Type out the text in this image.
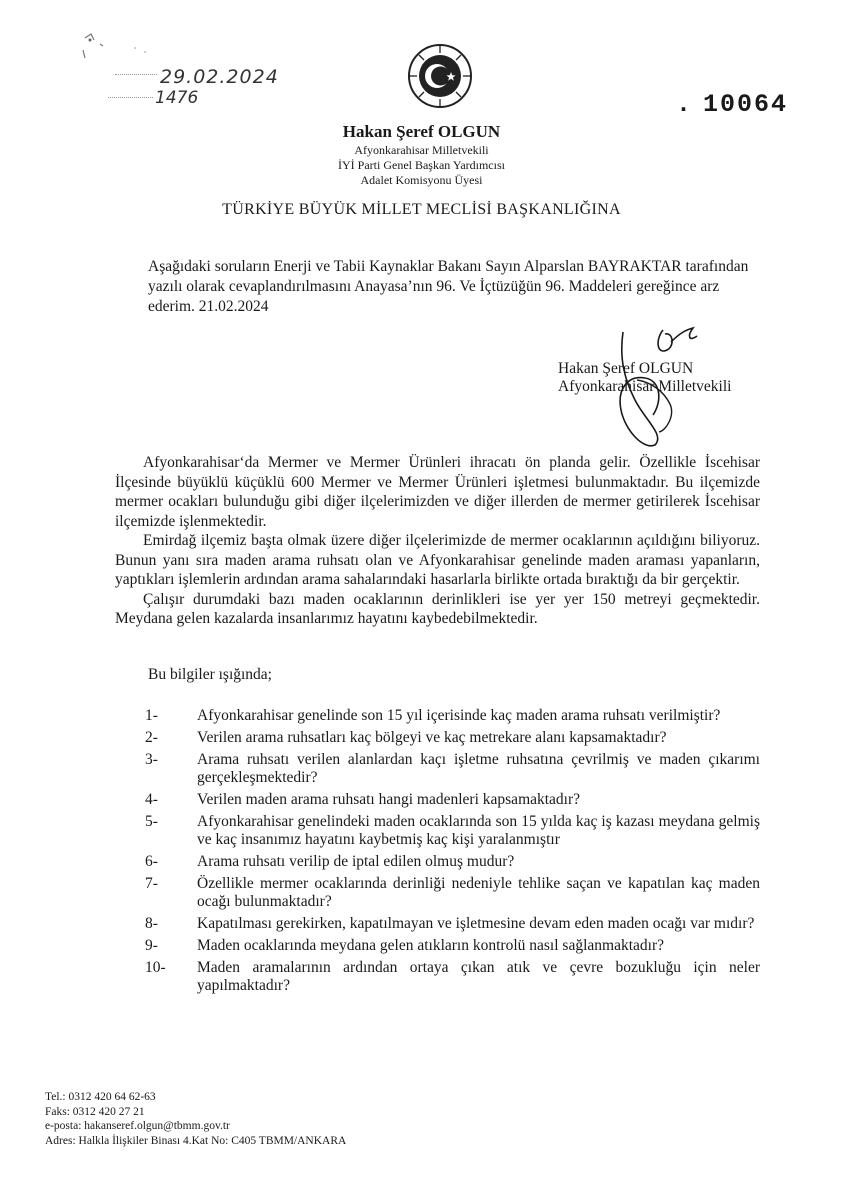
29.02.2024
1476	. 10064
Hakan Şeref OLGUN
Afyonkarahisar Milletvekili
İYİ Parti Genel Başkan Yardımcısı
Adalet Komisyonu Üyesi
TÜRKİYE BÜYÜK MİLLET MECLİSİ BAŞKANLIĞINA
Aşağıdaki soruların Enerji ve Tabii Kaynaklar Bakanı Sayın Alparslan BAYRAKTAR tarafından yazılı olarak cevaplandırılmasını Anayasa’nın 96. Ve İçtüzüğün 96. Maddeleri gereğince arz ederim. 21.02.2024
Hakan Şeref OLGUN
Afyonkarahisar Milletvekili

Afyonkarahisar‘da Mermer ve Mermer Ürünleri ihracatı ön planda gelir. Özellikle İscehisar İlçesinde büyüklü küçüklü 600 Mermer ve Mermer Ürünleri işletmesi bulunmaktadır. Bu ilçemizde mermer ocakları bulunduğu gibi diğer ilçelerimizden ve diğer illerden de mermer getirilerek İscehisar ilçemizde işlenmektedir.

Emirdağ ilçemiz başta olmak üzere diğer ilçelerimizde de mermer ocaklarının açıldığını biliyoruz. Bunun yanı sıra maden arama ruhsatı olan ve Afyonkarahisar genelinde maden araması yapanların, yaptıkları işlemlerin ardından arama sahalarındaki hasarlarla birlikte ortada bıraktığı da bir gerçektir.

Çalışır durumdaki bazı maden ocaklarının derinlikleri ise yer yer 150 metreyi geçmektedir. Meydana gelen kazalarda insanlarımız hayatını kaybedebilmektedir.

Bu bilgiler ışığında;
1-	Afyonkarahisar genelinde son 15 yıl içerisinde kaç maden arama ruhsatı verilmiştir?
2-	Verilen arama ruhsatları kaç bölgeyi ve kaç metrekare alanı kapsamaktadır?
3-	Arama ruhsatı verilen alanlardan kaçı işletme ruhsatına çevrilmiş ve maden çıkarımı gerçekleşmektedir?
4-	Verilen maden arama ruhsatı hangi madenleri kapsamaktadır?
5-	Afyonkarahisar genelindeki maden ocaklarında son 15 yılda kaç iş kazası meydana gelmiş ve kaç insanımız hayatını kaybetmiş kaç kişi yaralanmıştır
6-	Arama ruhsatı verilip de iptal edilen olmuş mudur?
7-	Özellikle mermer ocaklarında derinliği nedeniyle tehlike saçan ve kapatılan kaç maden ocağı bulunmaktadır?
8-	Kapatılması gerekirken, kapatılmayan ve işletmesine devam eden maden ocağı var mıdır?
9-	Maden ocaklarında meydana gelen atıkların kontrolü nasıl sağlanmaktadır?
10- Maden aramalarının ardından ortaya çıkan atık ve çevre bozukluğu için neler yapılmaktadır?
Tel.: 0312 420 64 62-63
Faks: 0312 420 27 21
e-posta: hakanseref.olgun@tbmm.gov.tr
Adres: Halkla İlişkiler Binası 4.Kat No: C405 TBMM/ANKARA
